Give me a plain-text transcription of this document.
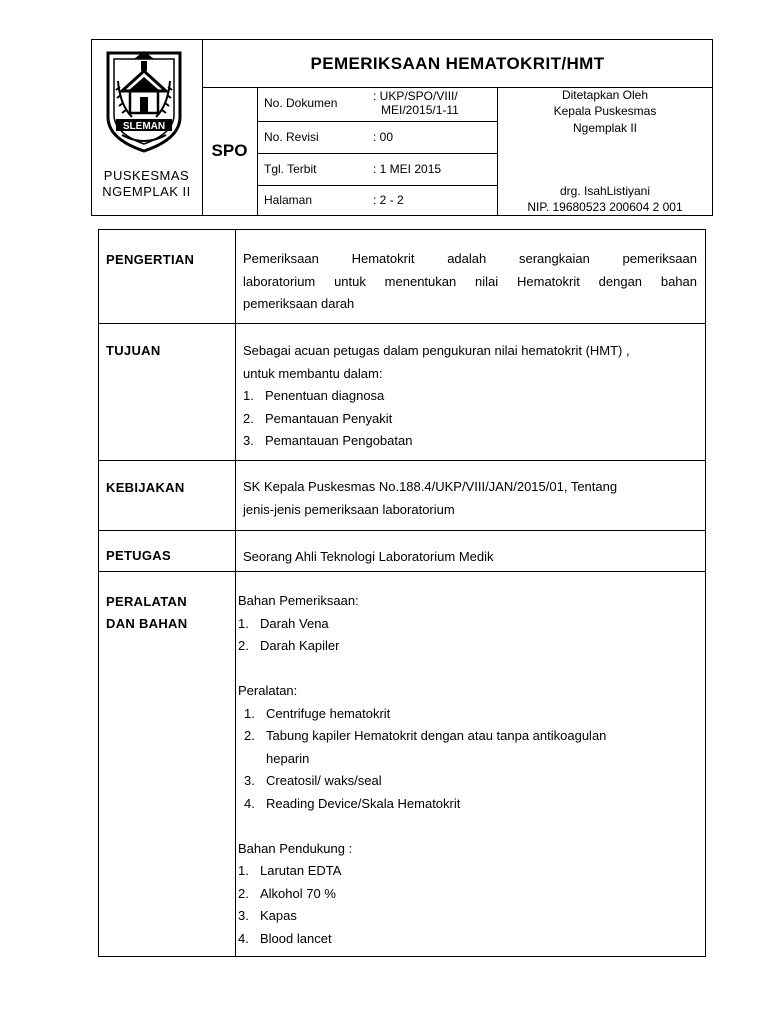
SLEMAN
PUSKESMAS
NGEMPLAK II
PEMERIKSAAN HEMATOKRIT/HMT
SPO
No. Dokumen	: UKP/SPO/VIII/
MEI/2015/1-11
No. Revisi	: 00
Tgl. Terbit	: 1 MEI 2015
Halaman	: 2 - 2
Ditetapkan Oleh
Kepala Puskesmas
Ngemplak II
drg. IsahListiyani
NIP. 19680523 200604 2 001
PENGERTIAN	Pemeriksaan Hematokrit adalah serangkaian pemeriksaan
laboratorium untuk menentukan nilai Hematokrit dengan bahan
pemeriksaan darah
TUJUAN	Sebagai acuan petugas dalam pengukuran nilai hematokrit (HMT) ,
untuk membantu dalam:
1. Penentuan diagnosa
2. Pemantauan Penyakit
3. Pemantauan Pengobatan
KEBIJAKAN	SK Kepala Puskesmas No.188.4/UKP/VIII/JAN/2015/01, Tentang
jenis-jenis pemeriksaan laboratorium
PETUGAS	Seorang Ahli Teknologi Laboratorium Medik
PERALATAN
DAN BAHAN
Bahan Pemeriksaan:
1. Darah Vena
2. Darah Kapiler
Peralatan:
1. Centrifuge hematokrit
2. Tabung kapiler Hematokrit dengan atau tanpa antikoagulan
heparin
3. Creatosil/ waks/seal
4. Reading Device/Skala Hematokrit
Bahan Pendukung :
1. Larutan EDTA
2. Alkohol 70 %
3. Kapas
4. Blood lancet
